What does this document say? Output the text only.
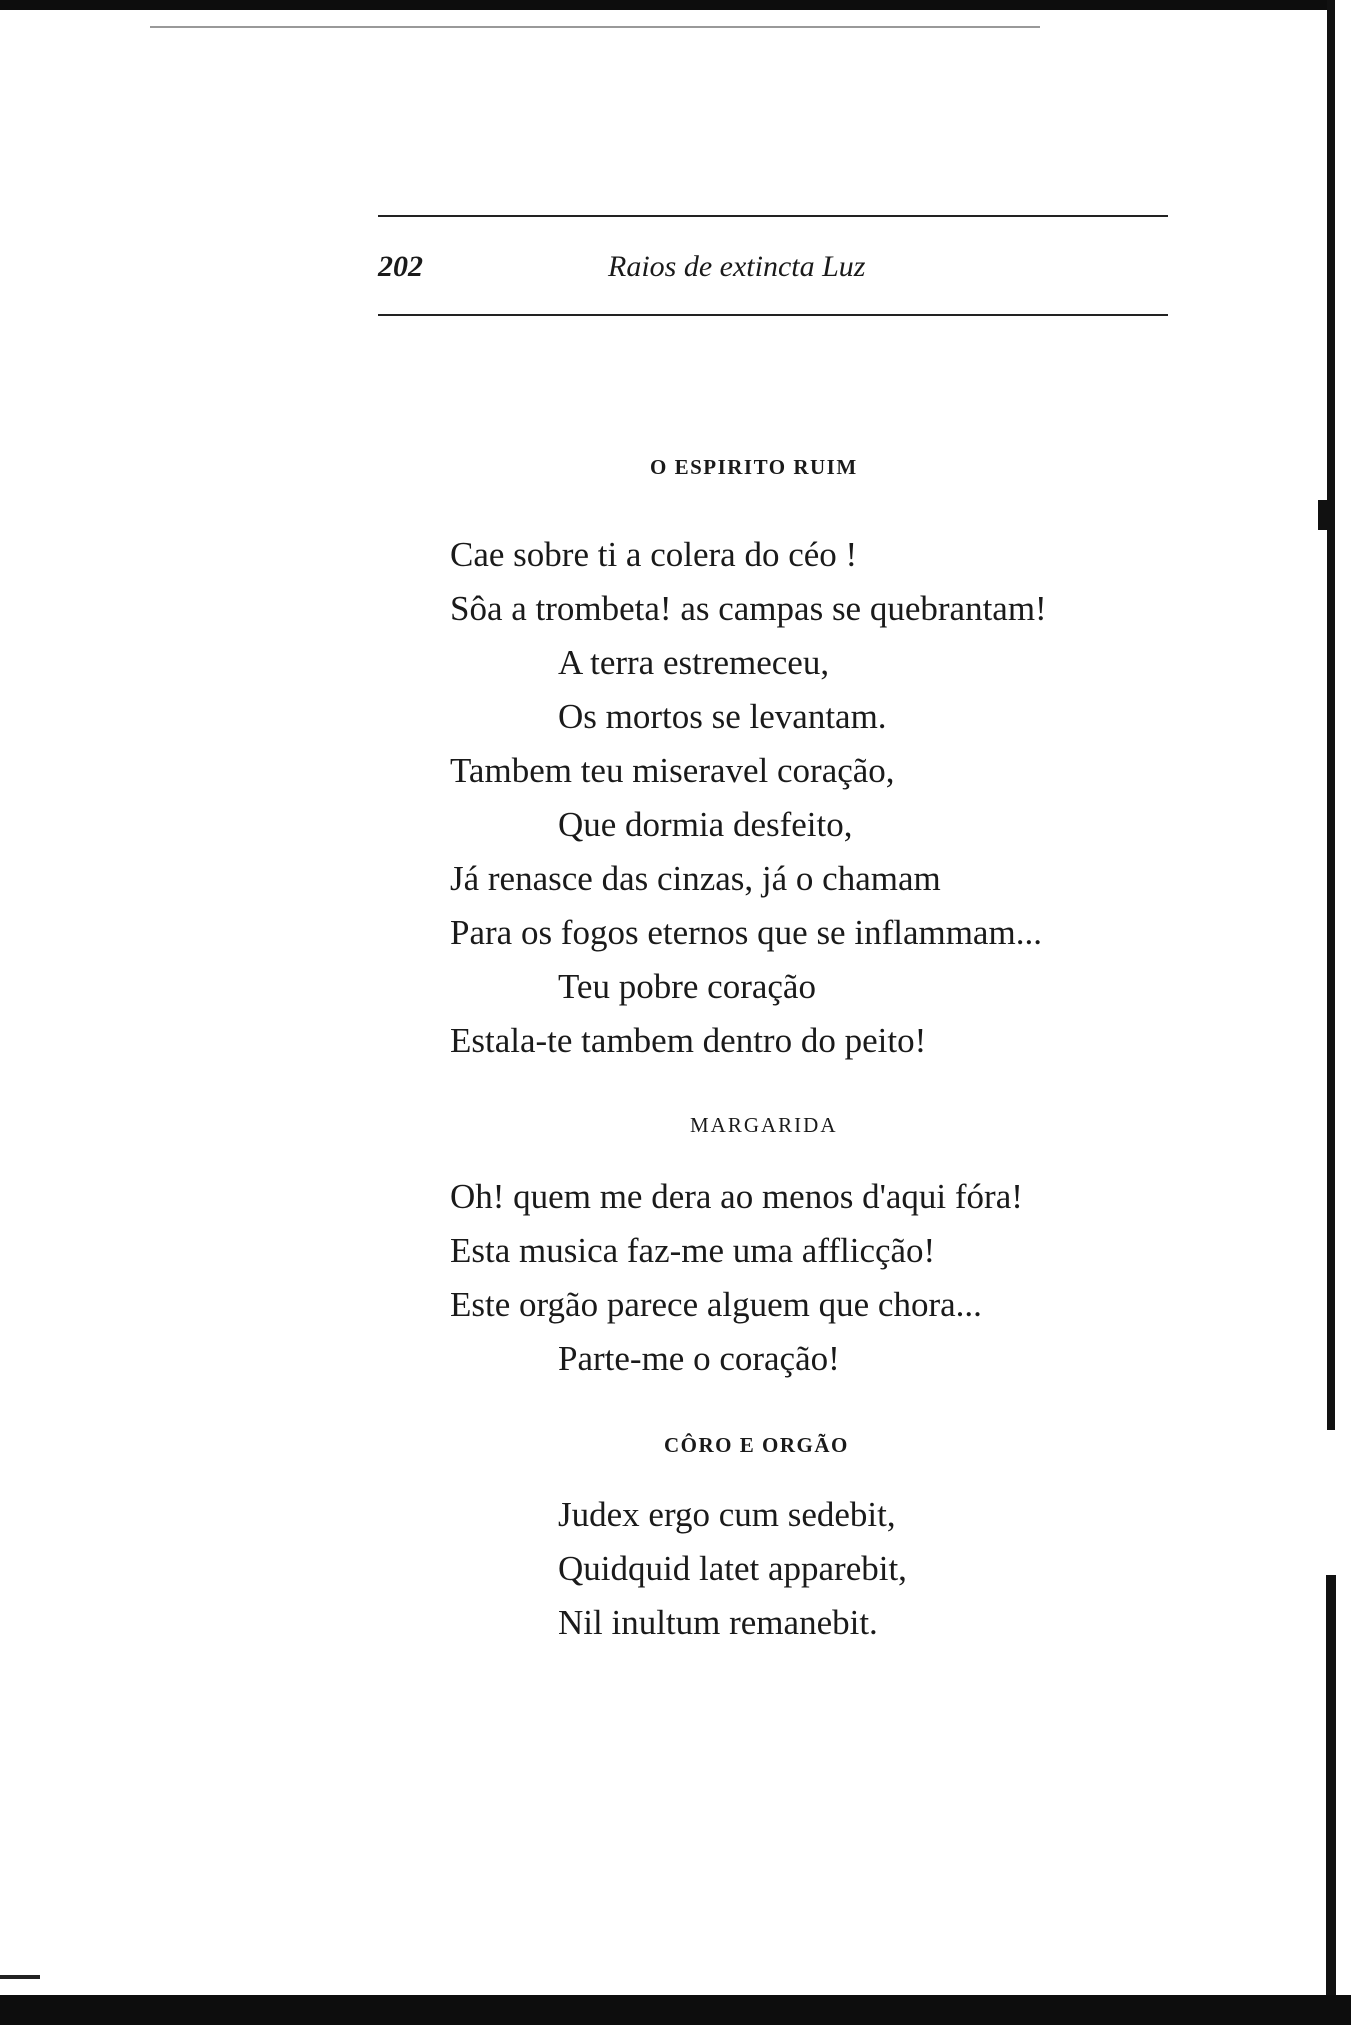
202	Raios de extincta Luz
O ESPIRITO RUIM
Cae sobre ti a colera do céo !
Sôa a trombeta! as campas se quebrantam!
A terra estremeceu,
Os mortos se levantam.
Tambem teu miseravel coração,
Que dormia desfeito,
Já renasce das cinzas, já o chamam
Para os fogos eternos que se inflammam...
Teu pobre coração
Estala-te tambem dentro do peito!
MARGARIDA
Oh! quem me dera ao menos d'aqui fóra!
Esta musica faz-me uma afflicção!
Este orgão parece alguem que chora...
Parte-me o coração!
CÔRO E ORGÃO
Judex ergo cum sedebit,
Quidquid latet apparebit,
Nil inultum remanebit.
